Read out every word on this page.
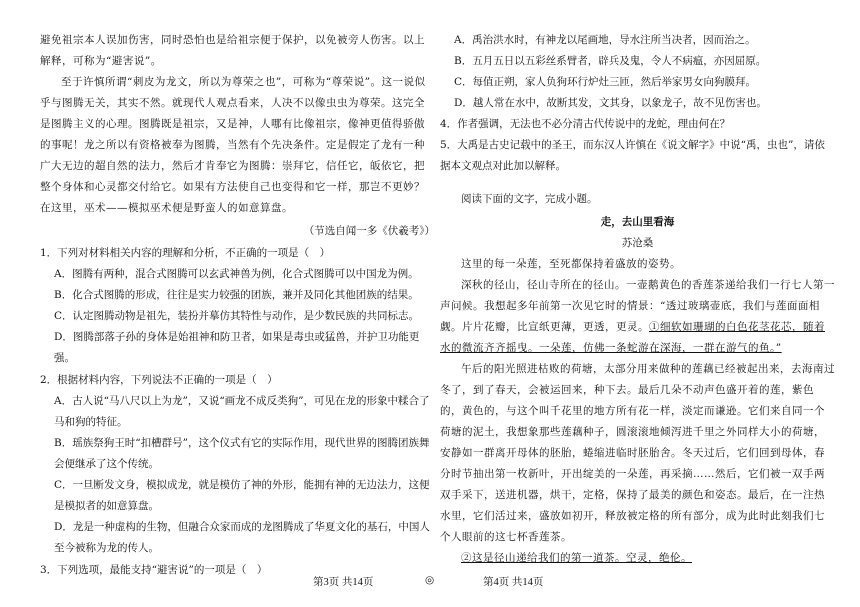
避免祖宗本人误加伤害，同时恐怕也是给祖宗便于保护，以免被旁人伤害。以上解释，可称为“避害说”。

至于许慎所谓“刺皮为龙文，所以为尊荣之也”，可称为“尊荣说”。这一说似乎与图腾无关，其实不然。就现代人观点看来，人决不以像虫虫为尊荣。这完全是图腾主义的心理。图腾既是祖宗，又是神，人哪有比像祖宗，像神更值得骄傲的事呢！龙之所以有资格被奉为图腾，当然有个先决条件。定是假定了龙有一种广大无边的超自然的法力，然后才肯奉它为图腾：崇拜它，信任它，皈依它，把整个身体和心灵都交付给它。如果有方法使自己也变得和它一样，那岂不更妙？在这里，巫术——模拟巫术便是野蛮人的如意算盘。

（节选自闻一多《伏羲考》）

1．下列对材料相关内容的理解和分析，不正确的一项是（　）

A．图腾有两种，混合式图腾可以玄武神兽为例，化合式图腾可以中国龙为例。

B．化合式图腾的形成，往往是实力较强的团族，兼并及同化其他团族的结果。

C．认定图腾动物是祖先，装扮并摹仿其特性与动作，是少数民族的共同标志。

D．图腾部落子孙的身体是始祖神和防卫者，如果是毒虫或猛兽，并护卫功能更强。

2．根据材料内容，下列说法不正确的一项是（　）

A．古人说“马八尺以上为龙”，又说“画龙不成反类狗”，可见在龙的形象中糅合了马和狗的特征。

B．瑶族祭狗王时“扣槽群号”，这个仪式有它的实际作用，现代世界的图腾团族舞会便继承了这个传统。

C．一旦断发文身，模拟成龙，就是模仿了神的外形，能拥有神的无边法力，这便是模拟者的如意算盘。

D．龙是一种虚构的生物，但融合众家而成的龙图腾成了华夏文化的基石，中国人至今被称为龙的传人。

3．下列选项，最能支持“避害说”的一项是（　）

A．禹治洪水时，有神龙以尾画地，导水注所当决者，因而治之。

B．五月五日以五彩丝系臂者，辟兵及鬼，令人不病瘟，亦因屈原。

C．每值正朔，家人负狗环行炉灶三匝，然后举家男女向狗膜拜。

D．越人常在水中，故断其发，文其身，以象龙子，故不见伤害也。

4．作者强调，无法也不必分清古代传说中的龙蛇，理由何在？

5．大禹是古史记载中的圣王，而东汉人许慎在《说文解字》中说“禹，虫也”，请依据本文观点对此加以解释。

阅读下面的文字，完成小题。

走，去山里看海

苏沧桑

这里的每一朵莲，至死都保持着盛放的姿势。

深秋的径山，径山寺所在的径山。一壶鹅黄色的香莲茶递给我们一行七人第一声问候。我想起多年前第一次见它时的情景：“透过玻璃壶底，我们与莲面面相觑。片片花瓣，比宣纸更薄，更透，更灵。①细软如珊瑚的白色花茎花芯，随着水的微流齐齐摇曳。一朵莲，仿佛一条蛇游在深海，一群在游气的鱼。”

午后的阳光照进枯败的荷塘，太部分用来做种的莲藕已经被起出来，去海南过冬了，到了春天，会被运回来，种下去。最后几朵不动声色盛开着的莲，紫色的，黄色的，与这个叫千花里的地方所有花一样，淡定而谦逊。它们来自同一个荷塘的泥土，我想象那些莲藕种子，圆滚滚地倾泻进千里之外同样大小的荷塘，安静如一群离开母体的胚胎，蜷缩进临时胚胎舍。冬天过后，它们回到母体，春分时节抽出第一枚新叶，开出绽美的一朵莲，再采摘……然后，它们被一双手两双手采下，送进机器，烘干，定格，保持了最美的颜色和姿态。最后，在一注热水里，它们活过来，盛放如初开，释放被定格的所有部分，成为此时此刻我们七个人眼前的这七杯香莲茶。

②这是径山递给我们的第一道茶。空灵，绝伦。

第3页 共14页	◎	第4页 共14页
